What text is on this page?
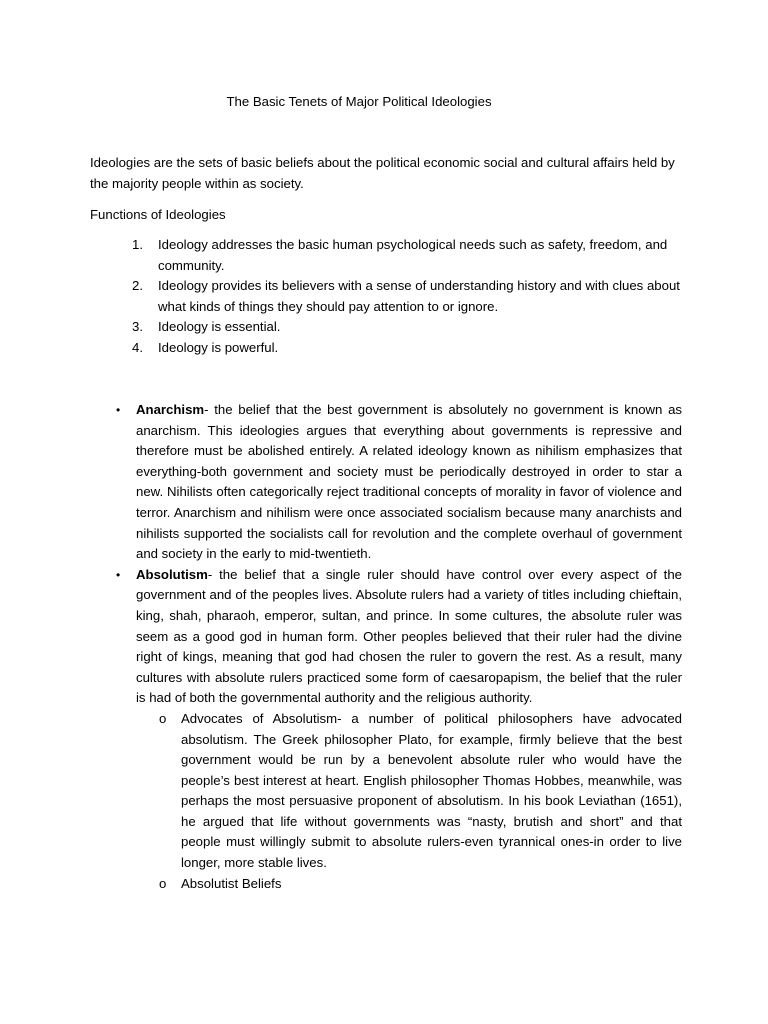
The Basic Tenets of Major Political Ideologies
Ideologies are the sets of basic beliefs about the political economic social and cultural affairs held by the majority people within as society.
Functions of Ideologies
1. Ideology addresses the basic human psychological needs such as safety, freedom, and community.
2. Ideology provides its believers with a sense of understanding history and with clues about what kinds of things they should pay attention to or ignore.
3. Ideology is essential.
4. Ideology is powerful.
• Anarchism- the belief that the best government is absolutely no government is known as anarchism. This ideologies argues that everything about governments is repressive and therefore must be abolished entirely. A related ideology known as nihilism emphasizes that everything-both government and society must be periodically destroyed in order to star a new. Nihilists often categorically reject traditional concepts of morality in favor of violence and terror. Anarchism and nihilism were once associated socialism because many anarchists and nihilists supported the socialists call for revolution and the complete overhaul of government and society in the early to mid-twentieth.
• Absolutism- the belief that a single ruler should have control over every aspect of the government and of the peoples lives. Absolute rulers had a variety of titles including chieftain, king, shah, pharaoh, emperor, sultan, and prince. In some cultures, the absolute ruler was seem as a good god in human form. Other peoples believed that their ruler had the divine right of kings, meaning that god had chosen the ruler to govern the rest. As a result, many cultures with absolute rulers practiced some form of caesaropapism, the belief that the ruler is had of both the governmental authority and the religious authority.
o Advocates of Absolutism- a number of political philosophers have advocated absolutism. The Greek philosopher Plato, for example, firmly believe that the best government would be run by a benevolent absolute ruler who would have the people’s best interest at heart. English philosopher Thomas Hobbes, meanwhile, was perhaps the most persuasive proponent of absolutism. In his book Leviathan (1651), he argued that life without governments was “nasty, brutish and short” and that people must willingly submit to absolute rulers-even tyrannical ones-in order to live longer, more stable lives.
o Absolutist Beliefs
